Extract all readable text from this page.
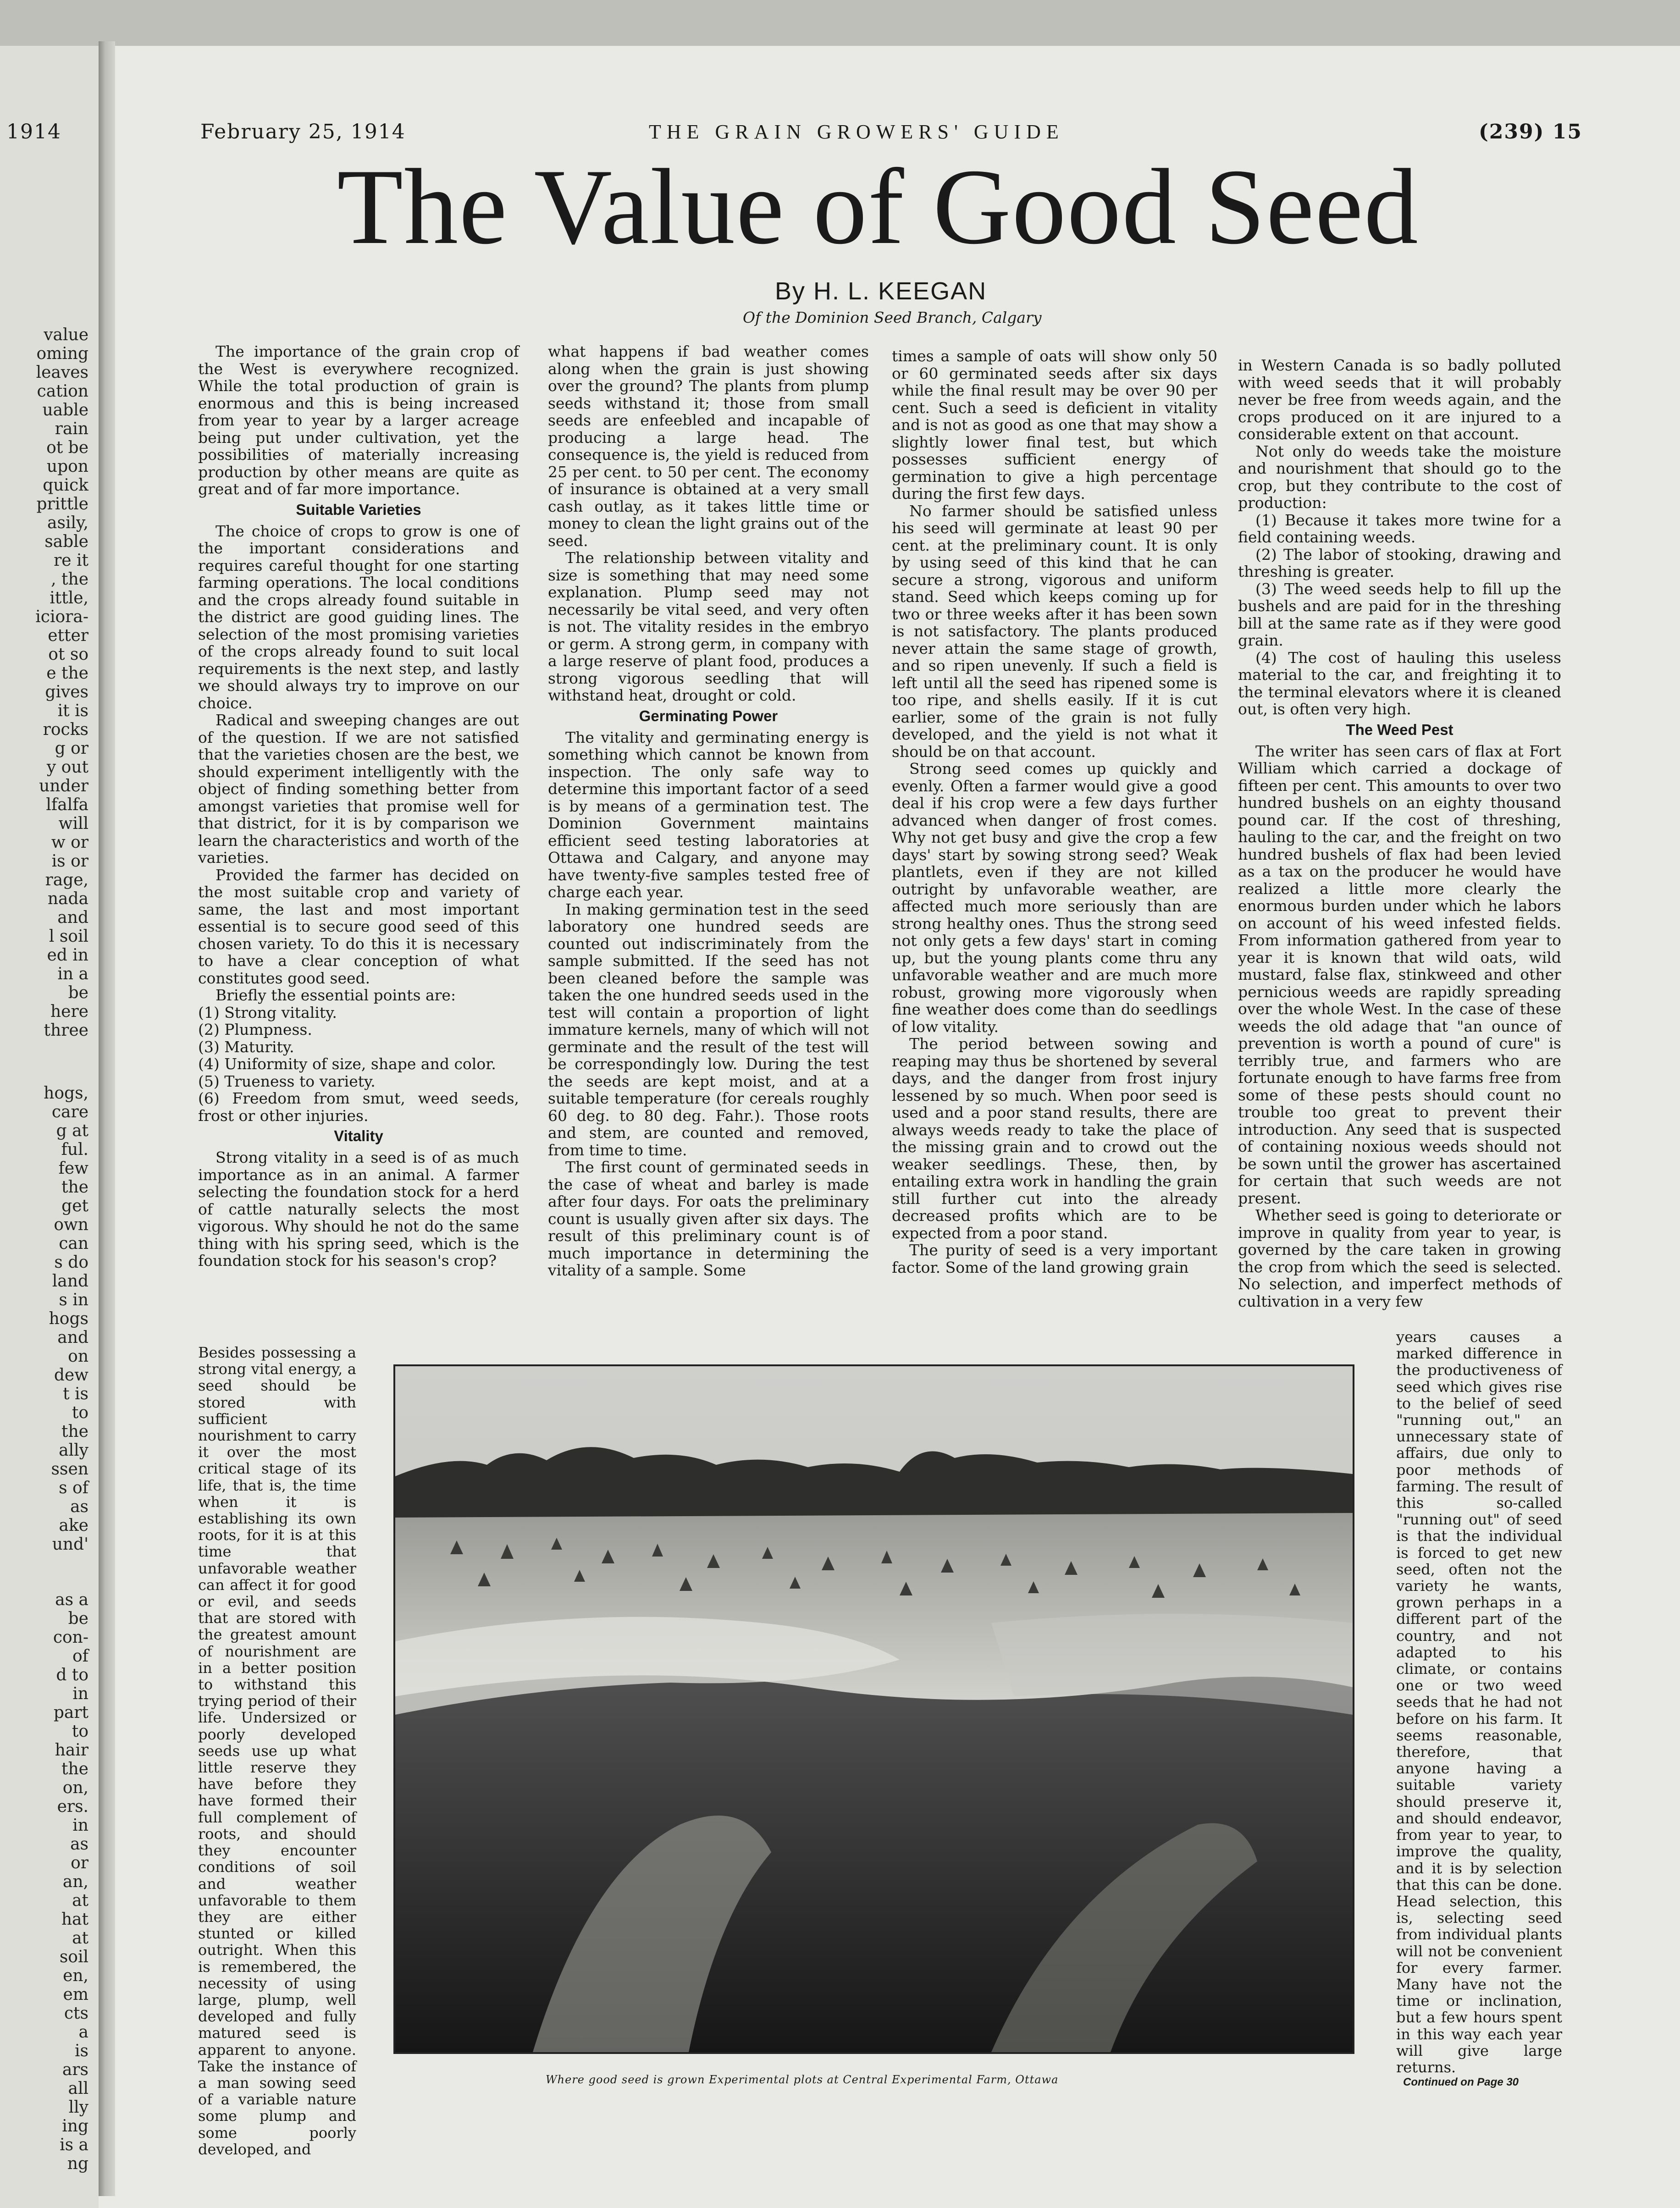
value
oming
leaves
cation
uable
rain
ot be
upon
quick
prittle
asily,
sable
re it
, the
ittle,
iciora-
etter
ot so
e the
gives
it is
rocks
g or
y out
under
lfalfa
will
w or
is or
rage,
nada
and
l soil
ed in
in a
be
here
three
hogs,
care
g at
ful.
few
the
get
own
can
s do
land
s in
hogs
and
on
dew
t is
to
the
ally
ssen
s of
as
ake
und'
as a
be
con-
of
d to
in
part
to
hair
the
on,
ers.
in
as
or
an,
at
hat
at
soil
en,
em
cts
a
is
ars
all
lly
ing
is a
ng
1914	February 25, 1914	THE GRAIN GROWERS' GUIDE	(239) 15
The Value of Good Seed
By H. L. KEEGAN
Of the Dominion Seed Branch, Calgary

The importance of the grain crop of the West is everywhere recognized. While the total production of grain is enormous and this is being increased from year to year by a larger acreage being put under cultivation, yet the possibilities of materially increasing production by other means are quite as great and of far more importance.

Suitable Varieties

The choice of crops to grow is one of the important considerations and requires careful thought for one starting farming operations. The local conditions and the crops already found suitable in the district are good guiding lines. The selection of the most promising varieties of the crops already found to suit local requirements is the next step, and lastly we should always try to improve on our choice.

Radical and sweeping changes are out of the question. If we are not satisfied that the varieties chosen are the best, we should experiment intelligently with the object of finding something better from amongst varieties that promise well for that district, for it is by comparison we learn the characteristics and worth of the varieties.

Provided the farmer has decided on the most suitable crop and variety of same, the last and most important essential is to secure good seed of this chosen variety. To do this it is necessary to have a clear conception of what constitutes good seed.

Briefly the essential points are:

(1) Strong vitality.

(2) Plumpness.

(3) Maturity.

(4) Uniformity of size, shape and color.

(5) Trueness to variety.

(6) Freedom from smut, weed seeds, frost or other injuries.

Vitality

Strong vitality in a seed is of as much importance as in an animal. A farmer selecting the foundation stock for a herd of cattle naturally selects the most vigorous. Why should he not do the same thing with his spring seed, which is the foundation stock for his season's crop?

Besides possessing a strong vital energy, a seed should be stored with sufficient nourishment to carry it over the most critical stage of its life, that is, the time when it is establishing its own roots, for it is at this time that unfavorable weather can affect it for good or evil, and seeds that are stored with the greatest amount of nourishment are in a better position to withstand this trying period of their life. Undersized or poorly developed seeds use up what little reserve they have before they have formed their full complement of roots, and should they encounter conditions of soil and weather unfavorable to them they are either stunted or killed outright. When this is remembered, the necessity of using large, plump, well developed and fully matured seed is apparent to anyone. Take the instance of a man sowing seed of a variable nature some plump and some poorly developed, and

what happens if bad weather comes along when the grain is just showing over the ground? The plants from plump seeds withstand it; those from small seeds are enfeebled and incapable of producing a large head. The consequence is, the yield is reduced from 25 per cent. to 50 per cent. The economy of insurance is obtained at a very small cash outlay, as it takes little time or money to clean the light grains out of the seed.

The relationship between vitality and size is something that may need some explanation. Plump seed may not necessarily be vital seed, and very often is not. The vitality resides in the embryo or germ. A strong germ, in company with a large reserve of plant food, produces a strong vigorous seedling that will withstand heat, drought or cold.

Germinating Power

The vitality and germinating energy is something which cannot be known from inspection. The only safe way to determine this important factor of a seed is by means of a germination test. The Dominion Government maintains efficient seed testing laboratories at Ottawa and Calgary, and anyone may have twenty-five samples tested free of charge each year.

In making germination test in the seed laboratory one hundred seeds are counted out indiscriminately from the sample submitted. If the seed has not been cleaned before the sample was taken the one hundred seeds used in the test will contain a proportion of light immature kernels, many of which will not germinate and the result of the test will be correspondingly low. During the test the seeds are kept moist, and at a suitable temperature (for cereals roughly 60 deg. to 80 deg. Fahr.). Those roots and stem, are counted and removed, from time to time.

The first count of germinated seeds in the case of wheat and barley is made after four days. For oats the preliminary count is usually given after six days. The result of this preliminary count is of much importance in determining the vitality of a sample. Some

times a sample of oats will show only 50 or 60 germinated seeds after six days while the final result may be over 90 per cent. Such a seed is deficient in vitality and is not as good as one that may show a slightly lower final test, but which possesses sufficient energy of germination to give a high percentage during the first few days.

No farmer should be satisfied unless his seed will germinate at least 90 per cent. at the preliminary count. It is only by using seed of this kind that he can secure a strong, vigorous and uniform stand. Seed which keeps coming up for two or three weeks after it has been sown is not satisfactory. The plants produced never attain the same stage of growth, and so ripen unevenly. If such a field is left until all the seed has ripened some is too ripe, and shells easily. If it is cut earlier, some of the grain is not fully developed, and the yield is not what it should be on that account.

Strong seed comes up quickly and evenly. Often a farmer would give a good deal if his crop were a few days further advanced when danger of frost comes. Why not get busy and give the crop a few days' start by sowing strong seed? Weak plantlets, even if they are not killed outright by unfavorable weather, are affected much more seriously than are strong healthy ones. Thus the strong seed not only gets a few days' start in coming up, but the young plants come thru any unfavorable weather and are much more robust, growing more vigorously when fine weather does come than do seedlings of low vitality.

The period between sowing and reaping may thus be shortened by several days, and the danger from frost injury lessened by so much. When poor seed is used and a poor stand results, there are always weeds ready to take the place of the missing grain and to crowd out the weaker seedlings. These, then, by entailing extra work in handling the grain still further cut into the already decreased profits which are to be expected from a poor stand.

The purity of seed is a very important factor. Some of the land growing grain

in Western Canada is so badly polluted with weed seeds that it will probably never be free from weeds again, and the crops produced on it are injured to a considerable extent on that account.

Not only do weeds take the moisture and nourishment that should go to the crop, but they contribute to the cost of production:

(1) Because it takes more twine for a field containing weeds.

(2) The labor of stooking, drawing and threshing is greater.

(3) The weed seeds help to fill up the bushels and are paid for in the threshing bill at the same rate as if they were good grain.

(4) The cost of hauling this useless material to the car, and freighting it to the terminal elevators where it is cleaned out, is often very high.

The Weed Pest

The writer has seen cars of flax at Fort William which carried a dockage of fifteen per cent. This amounts to over two hundred bushels on an eighty thousand pound car. If the cost of threshing, hauling to the car, and the freight on two hundred bushels of flax had been levied as a tax on the producer he would have realized a little more clearly the enormous burden under which he labors on account of his weed infested fields. From information gathered from year to year it is known that wild oats, wild mustard, false flax, stinkweed and other pernicious weeds are rapidly spreading over the whole West. In the case of these weeds the old adage that "an ounce of prevention is worth a pound of cure" is terribly true, and farmers who are fortunate enough to have farms free from some of these pests should count no trouble too great to prevent their introduction. Any seed that is suspected of containing noxious weeds should not be sown until the grower has ascertained for certain that such weeds are not present.

Whether seed is going to deteriorate or improve in quality from year to year, is governed by the care taken in growing the crop from which the seed is selected. No selection, and imperfect methods of cultivation in a very few

years causes a marked difference in the productiveness of seed which gives rise to the belief of seed "running out," an unnecessary state of affairs, due only to poor methods of farming. The result of this so-called "running out" of seed is that the individual is forced to get new seed, often not the variety he wants, grown perhaps in a different part of the country, and not adapted to his climate, or contains one or two weed seeds that he had not before on his farm. It seems reasonable, therefore, that anyone having a suitable variety should preserve it, and should endeavor, from year to year, to improve the quality, and it is by selection that this can be done. Head selection, this is, selecting seed from individual plants will not be convenient for every farmer. Many have not the time or inclination, but a few hours spent in this way each year will give large returns.

Where good seed is grown Experimental plots at Central Experimental Farm, Ottawa	Continued on Page 30
